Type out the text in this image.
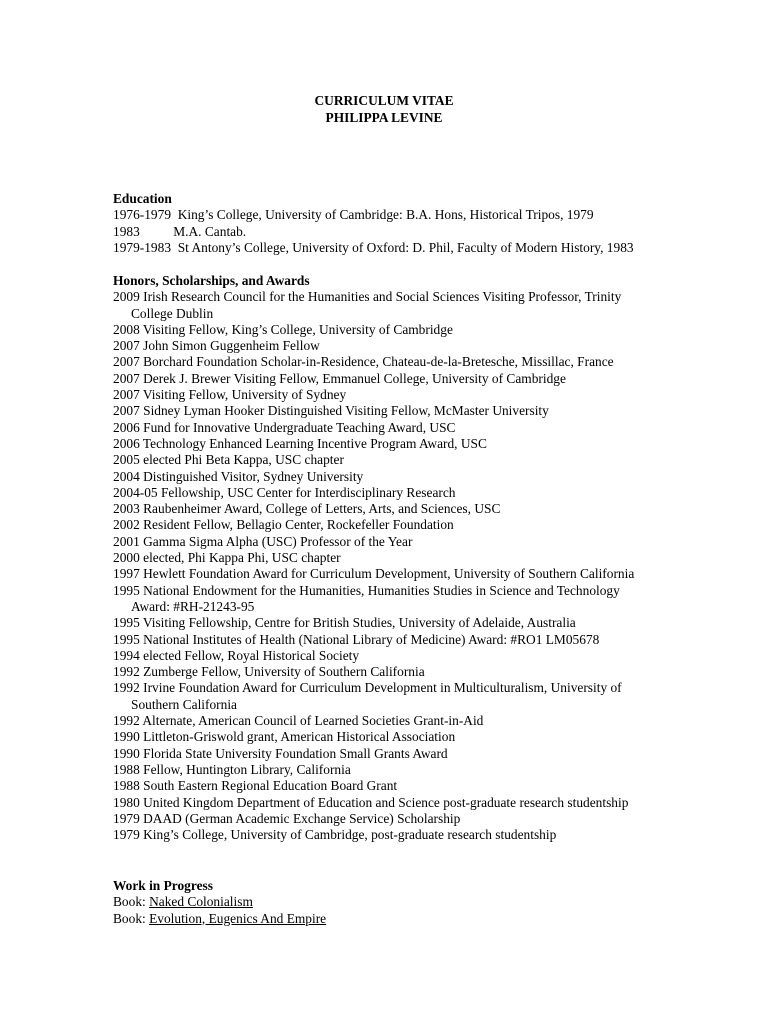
CURRICULUM VITAE
PHILIPPA LEVINE
Education
1976-1979  King’s College, University of Cambridge: B.A. Hons, Historical Tripos, 1979
1983          M.A. Cantab.
1979-1983  St Antony’s College, University of Oxford: D. Phil, Faculty of Modern History, 1983
Honors, Scholarships, and Awards
2009 Irish Research Council for the Humanities and Social Sciences Visiting Professor, Trinity College Dublin
2008 Visiting Fellow, King’s College, University of Cambridge
2007 John Simon Guggenheim Fellow
2007 Borchard Foundation Scholar-in-Residence, Chateau-de-la-Bretesche, Missillac, France
2007 Derek J. Brewer Visiting Fellow, Emmanuel College, University of Cambridge
2007 Visiting Fellow, University of Sydney
2007 Sidney Lyman Hooker Distinguished Visiting Fellow, McMaster University
2006 Fund for Innovative Undergraduate Teaching Award, USC
2006 Technology Enhanced Learning Incentive Program Award, USC
2005 elected Phi Beta Kappa, USC chapter
2004 Distinguished Visitor, Sydney University
2004-05 Fellowship, USC Center for Interdisciplinary Research
2003 Raubenheimer Award, College of Letters, Arts, and Sciences, USC
2002 Resident Fellow, Bellagio Center, Rockefeller Foundation
2001 Gamma Sigma Alpha (USC) Professor of the Year
2000 elected, Phi Kappa Phi, USC chapter
1997 Hewlett Foundation Award for Curriculum Development, University of Southern California
1995 National Endowment for the Humanities, Humanities Studies in Science and Technology Award: #RH-21243-95
1995 Visiting Fellowship, Centre for British Studies, University of Adelaide, Australia
1995 National Institutes of Health (National Library of Medicine) Award: #RO1 LM05678
1994 elected Fellow, Royal Historical Society
1992 Zumberge Fellow, University of Southern California
1992 Irvine Foundation Award for Curriculum Development in Multiculturalism, University of Southern California
1992 Alternate, American Council of Learned Societies Grant-in-Aid
1990 Littleton-Griswold grant, American Historical Association
1990 Florida State University Foundation Small Grants Award
1988 Fellow, Huntington Library, California
1988 South Eastern Regional Education Board Grant
1980 United Kingdom Department of Education and Science post-graduate research studentship
1979 DAAD (German Academic Exchange Service) Scholarship
1979 King’s College, University of Cambridge, post-graduate research studentship
Work in Progress
Book: Naked Colonialism
Book: Evolution, Eugenics And Empire
